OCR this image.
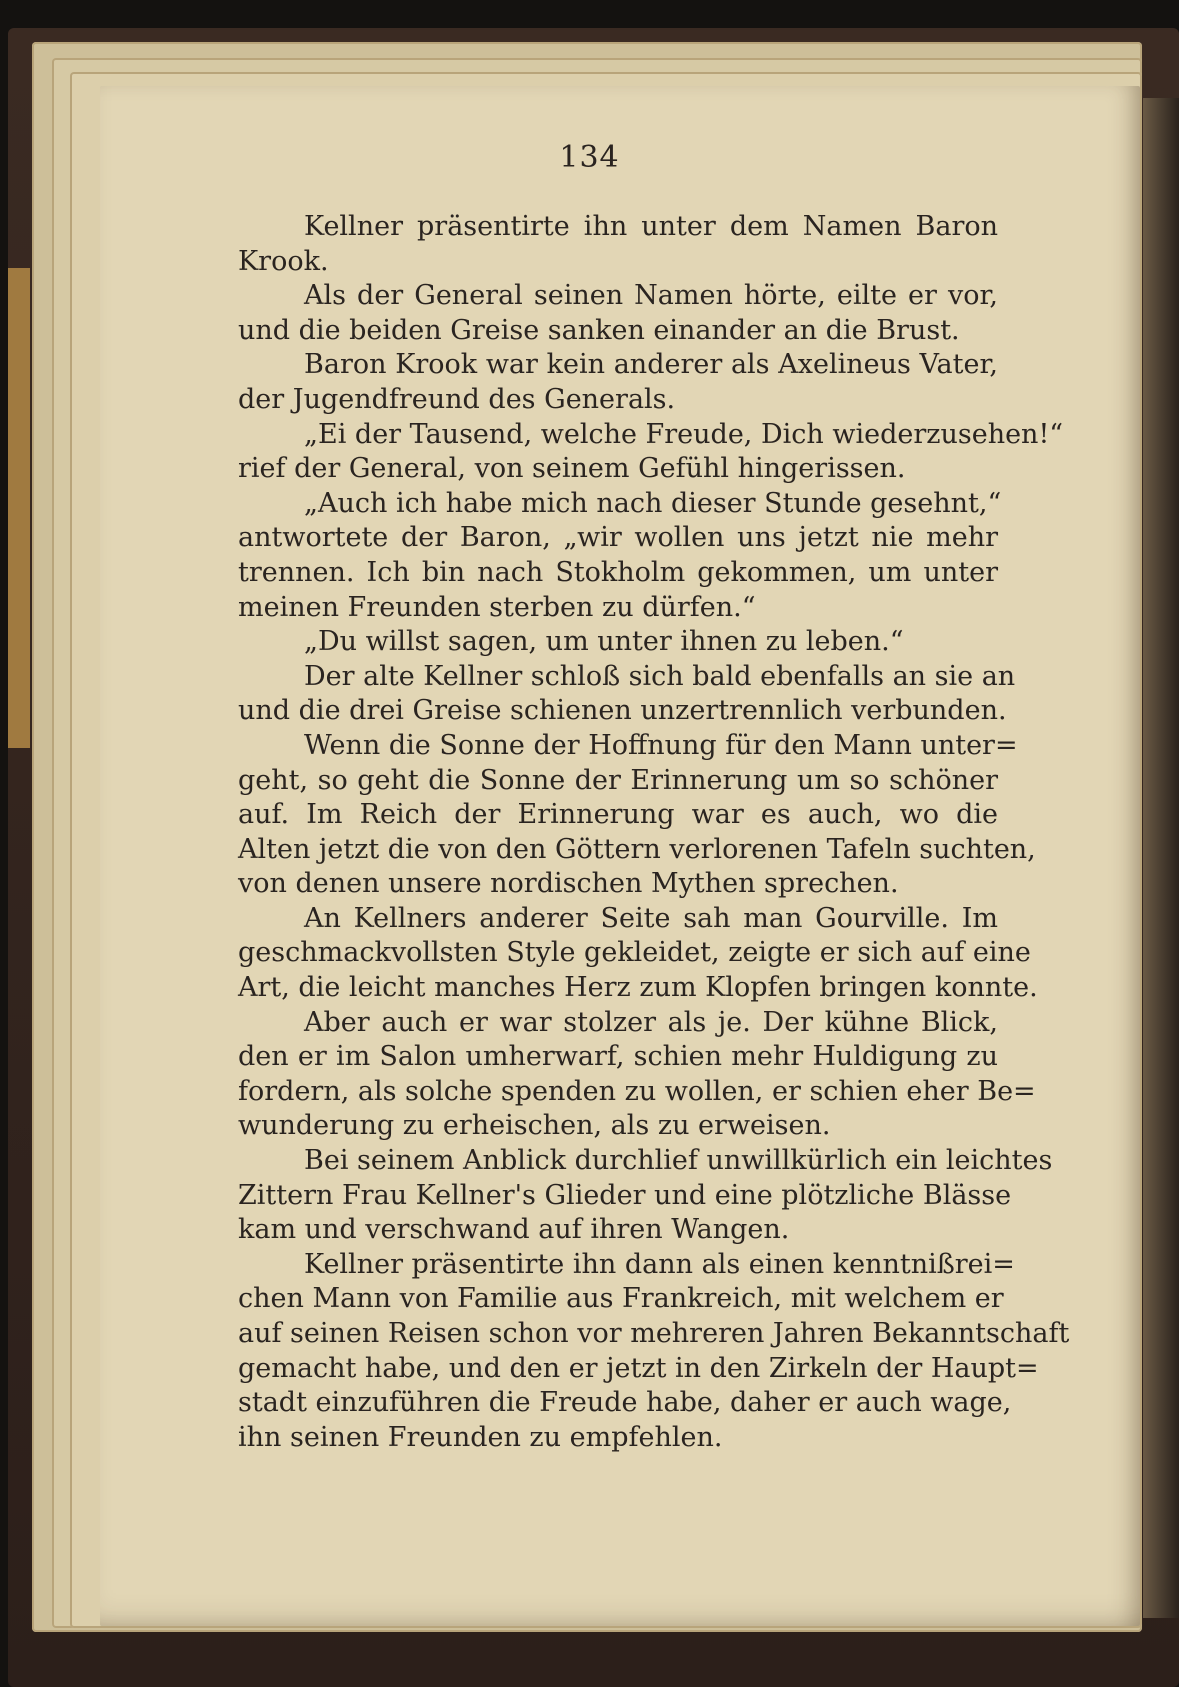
134
Kellner präsentirte ihn unter dem Namen Baron
Krook.
Als der General seinen Namen hörte, eilte er vor,
und die beiden Greise sanken einander an die Brust.
Baron Krook war kein anderer als Axelineus Vater,
der Jugendfreund des Generals.
„Ei der Tausend, welche Freude, Dich wiederzusehen!“
rief der General, von seinem Gefühl hingerissen.
„Auch ich habe mich nach dieser Stunde gesehnt,“
antwortete der Baron, „wir wollen uns jetzt nie mehr
trennen. Ich bin nach Stokholm gekommen, um unter
meinen Freunden sterben zu dürfen.“
„Du willst sagen, um unter ihnen zu leben.“
Der alte Kellner schloß sich bald ebenfalls an sie an
und die drei Greise schienen unzertrennlich verbunden.
Wenn die Sonne der Hoffnung für den Mann unter=
geht, so geht die Sonne der Erinnerung um so schöner
auf. Im Reich der Erinnerung war es auch, wo die
Alten jetzt die von den Göttern verlorenen Tafeln suchten,
von denen unsere nordischen Mythen sprechen.
An Kellners anderer Seite sah man Gourville. Im
geschmackvollsten Style gekleidet, zeigte er sich auf eine
Art, die leicht manches Herz zum Klopfen bringen konnte.
Aber auch er war stolzer als je. Der kühne Blick,
den er im Salon umherwarf, schien mehr Huldigung zu
fordern, als solche spenden zu wollen, er schien eher Be=
wunderung zu erheischen, als zu erweisen.
Bei seinem Anblick durchlief unwillkürlich ein leichtes
Zittern Frau Kellner's Glieder und eine plötzliche Blässe
kam und verschwand auf ihren Wangen.
Kellner präsentirte ihn dann als einen kenntnißrei=
chen Mann von Familie aus Frankreich, mit welchem er
auf seinen Reisen schon vor mehreren Jahren Bekanntschaft
gemacht habe, und den er jetzt in den Zirkeln der Haupt=
stadt einzuführen die Freude habe, daher er auch wage,
ihn seinen Freunden zu empfehlen.
